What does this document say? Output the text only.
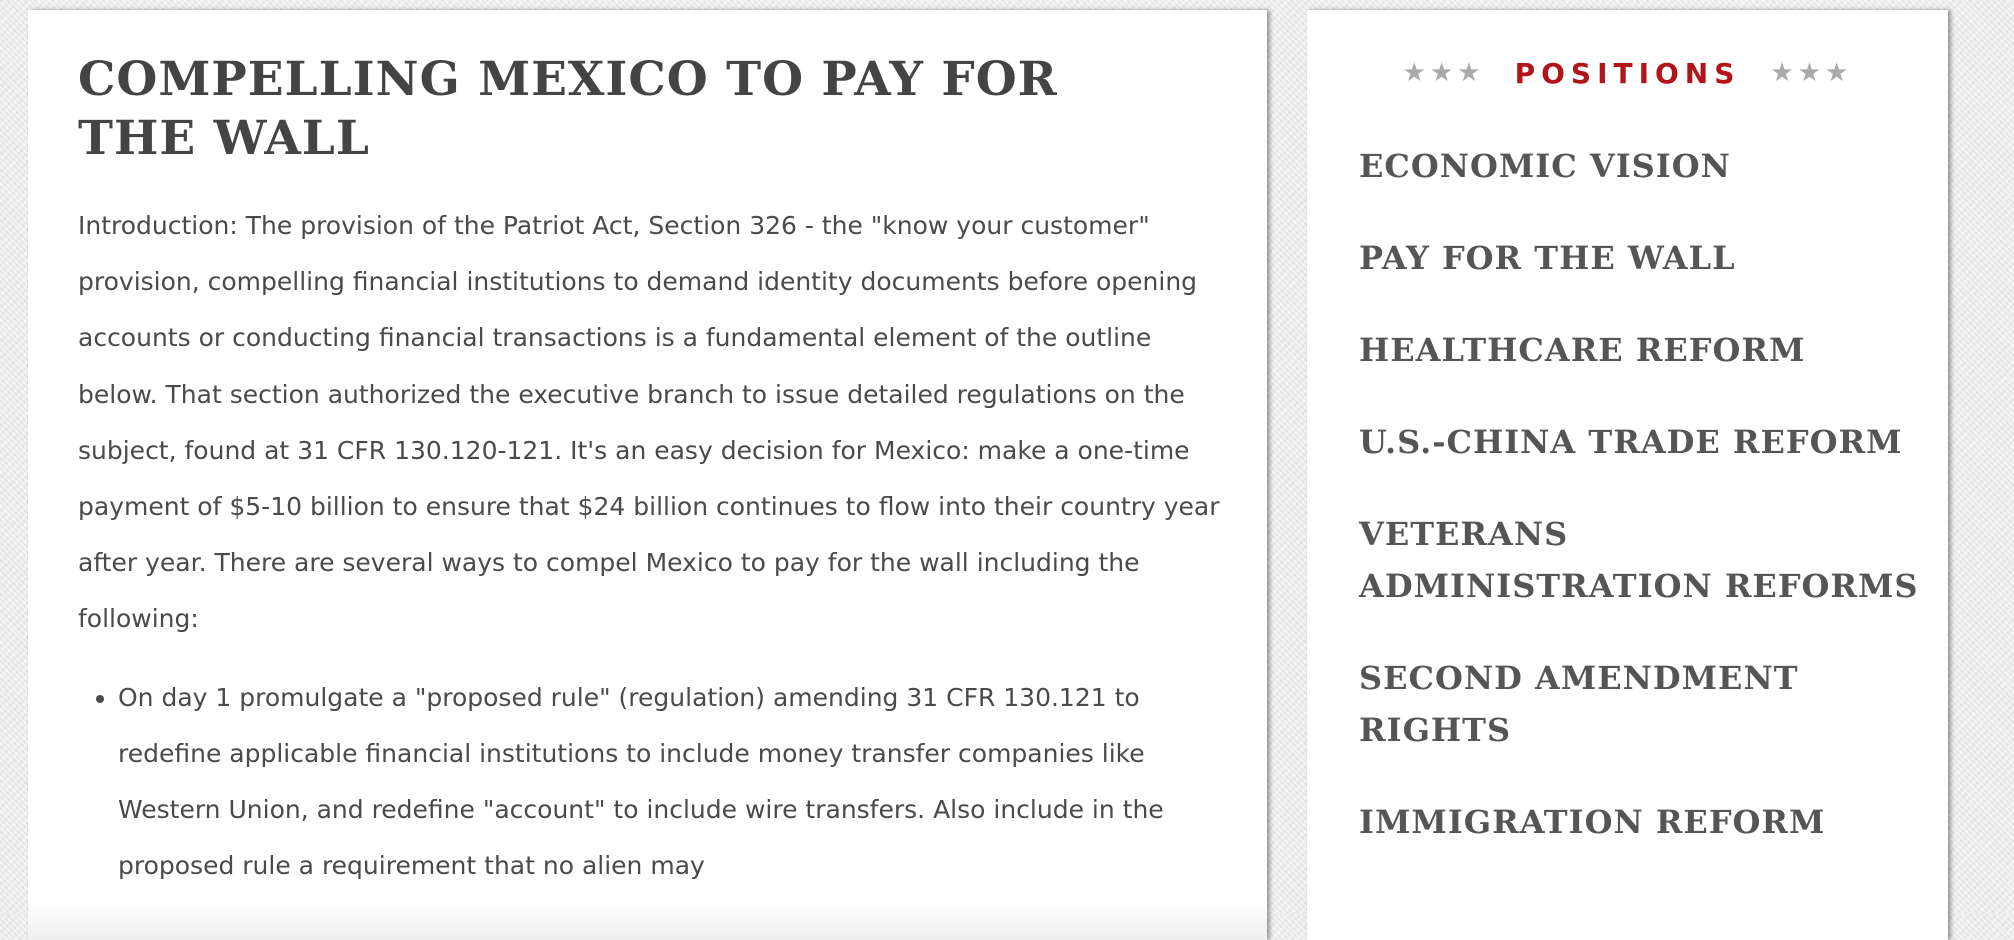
COMPELLING MEXICO TO PAY FOR THE WALL

Introduction: The provision of the Patriot Act, Section 326 - the "know your customer" provision, compelling financial institutions to demand identity documents before opening accounts or conducting financial transactions is a fundamental element of the outline below. That section authorized the executive branch to issue detailed regulations on the subject, found at 31 CFR 130.120-121. It's an easy decision for Mexico: make a one-time payment of $5-10 billion to ensure that $24 billion continues to flow into their country year after year. There are several ways to compel Mexico to pay for the wall including the following:

• On day 1 promulgate a "proposed rule" (regulation) amending 31 CFR 130.121 to redefine applicable financial institutions to include money transfer companies like Western Union, and redefine "account" to include wire transfers. Also include in the proposed rule a requirement that no alien may
★★★ POSITIONS ★★★
ECONOMIC VISION
PAY FOR THE WALL
HEALTHCARE REFORM
U.S.-CHINA TRADE REFORM
VETERANS ADMINISTRATION REFORMS
SECOND AMENDMENT RIGHTS
IMMIGRATION REFORM
